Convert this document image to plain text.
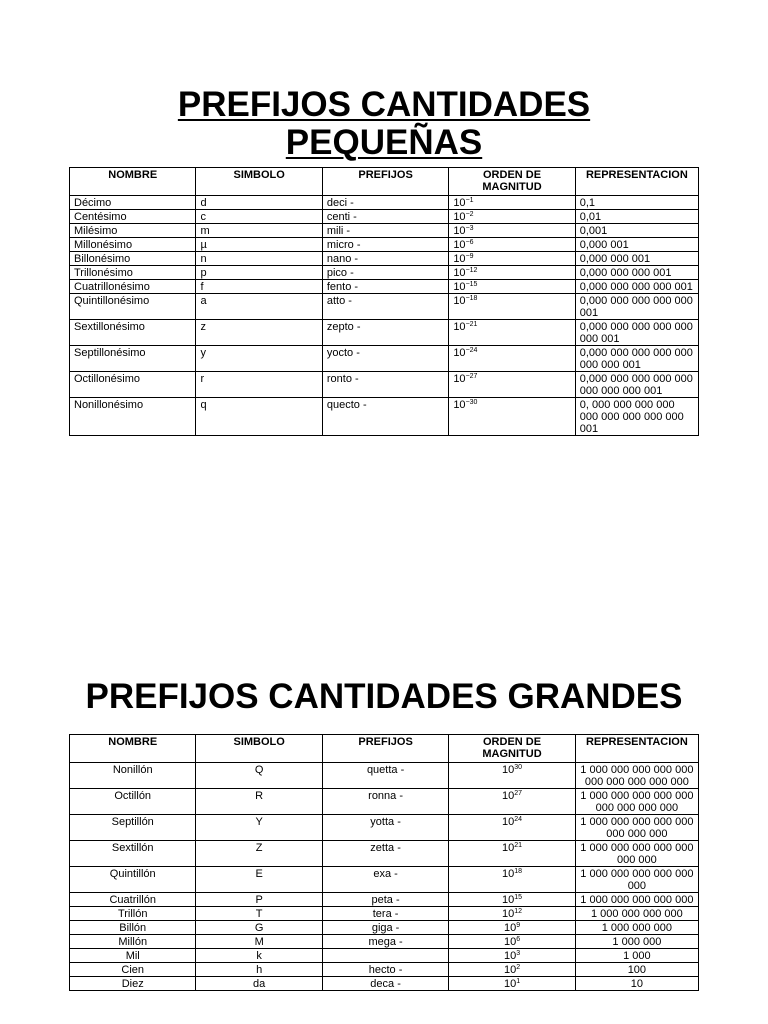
PREFIJOS CANTIDADES
PEQUEÑAS
NOMBRE	SIMBOLO	PREFIJOS	ORDEN DE MAGNITUD	REPRESENTACION
Décimo	d	deci -	$10^{-1}$	0,1
Centésimo	c	centi -	$10^{-2}$	0,01
Milésimo	m	mili -	$10^{-3}$	0,001
Millonésimo	µ	micro -	$10^{-6}$	0,000 001
Billonésimo	n	nano -	$10^{-9}$	0,000 000 001
Trillonésimo	p	pico -	$10^{-12}$	0,000 000 000 001
Cuatrillonésimo	f	fento -	$10^{-15}$	0,000 000 000 000 001
Quintillonésimo	a	atto -	$10^{-18}$	0,000 000 000 000 000 001
Sextillonésimo	z	zepto -	$10^{-21}$	0,000 000 000 000 000 000 001
Septillonésimo	y	yocto -	$10^{-24}$	0,000 000 000 000 000 000 000 001
Octillonésimo	r	ronto -	$10^{-27}$	0,000 000 000 000 000 000 000 000 001
Nonillonésimo	q	quecto -	$10^{-30}$	0, 000 000 000 000 000 000 000 000 000 001
PREFIJOS CANTIDADES GRANDES
NOMBRE	SIMBOLO	PREFIJOS	ORDEN DE MAGNITUD	REPRESENTACION
Nonillón	Q	quetta -	$10^{30}$	1 000 000 000 000 000 000 000 000 000 000
Octillón	R	ronna -	$10^{27}$	1 000 000 000 000 000 000 000 000 000
Septillón	Y	yotta -	$10^{24}$	1 000 000 000 000 000 000 000 000
Sextillón	Z	zetta -	$10^{21}$	1 000 000 000 000 000 000 000
Quintillón	E	exa -	$10^{18}$	1 000 000 000 000 000 000
Cuatrillón	P	peta -	$10^{15}$	1 000 000 000 000 000
Trillón	T	tera -	$10^{12}$	1 000 000 000 000
Billón	G	giga -	$10^9$	1 000 000 000
Millón	M	mega -	$10^6$	1 000 000
Mil	k		$10^3$	1 000
Cien	h	hecto -	$10^2$	100
Diez	da	deca -	$10^1$	10
